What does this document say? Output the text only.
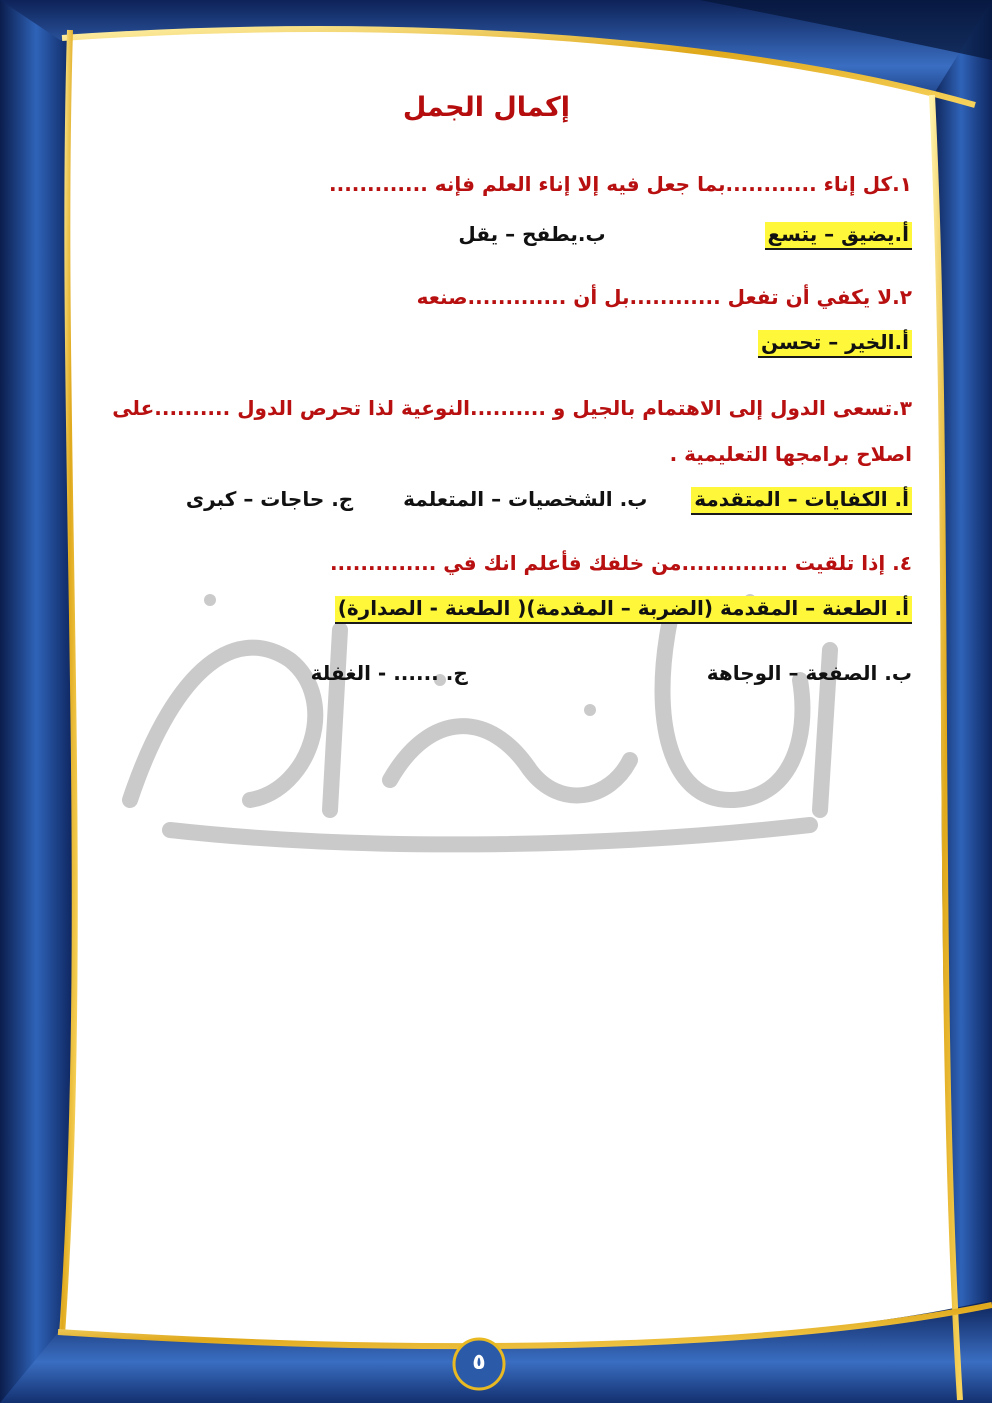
إكمال الجمل
١.كل إناء ............بما جعل فيه إلا إناء العلم فإنه .............
أ.يضيق – يتسع  ب.يطفح – يقل
٢.لا يكفي أن تفعل ............بل أن .............صنعه
أ.الخير – تحسن
٣.تسعى الدول إلى الاهتمام بالجيل و ..........النوعية لذا تحرص الدول ..........على
اصلاح برامجها التعليمية .
أ. الكفايات – المتقدمة  ب. الشخصيات – المتعلمة  ج. حاجات – كبرى
٤. إذا تلقيت ..............من خلفك فأعلم انك في ..............
أ. الطعنة – المقدمة (الضربة – المقدمة)( الطعنة - الصدارة)
ب. الصفعة – الوجاهة  ج. ...... - الغفلة
٥
